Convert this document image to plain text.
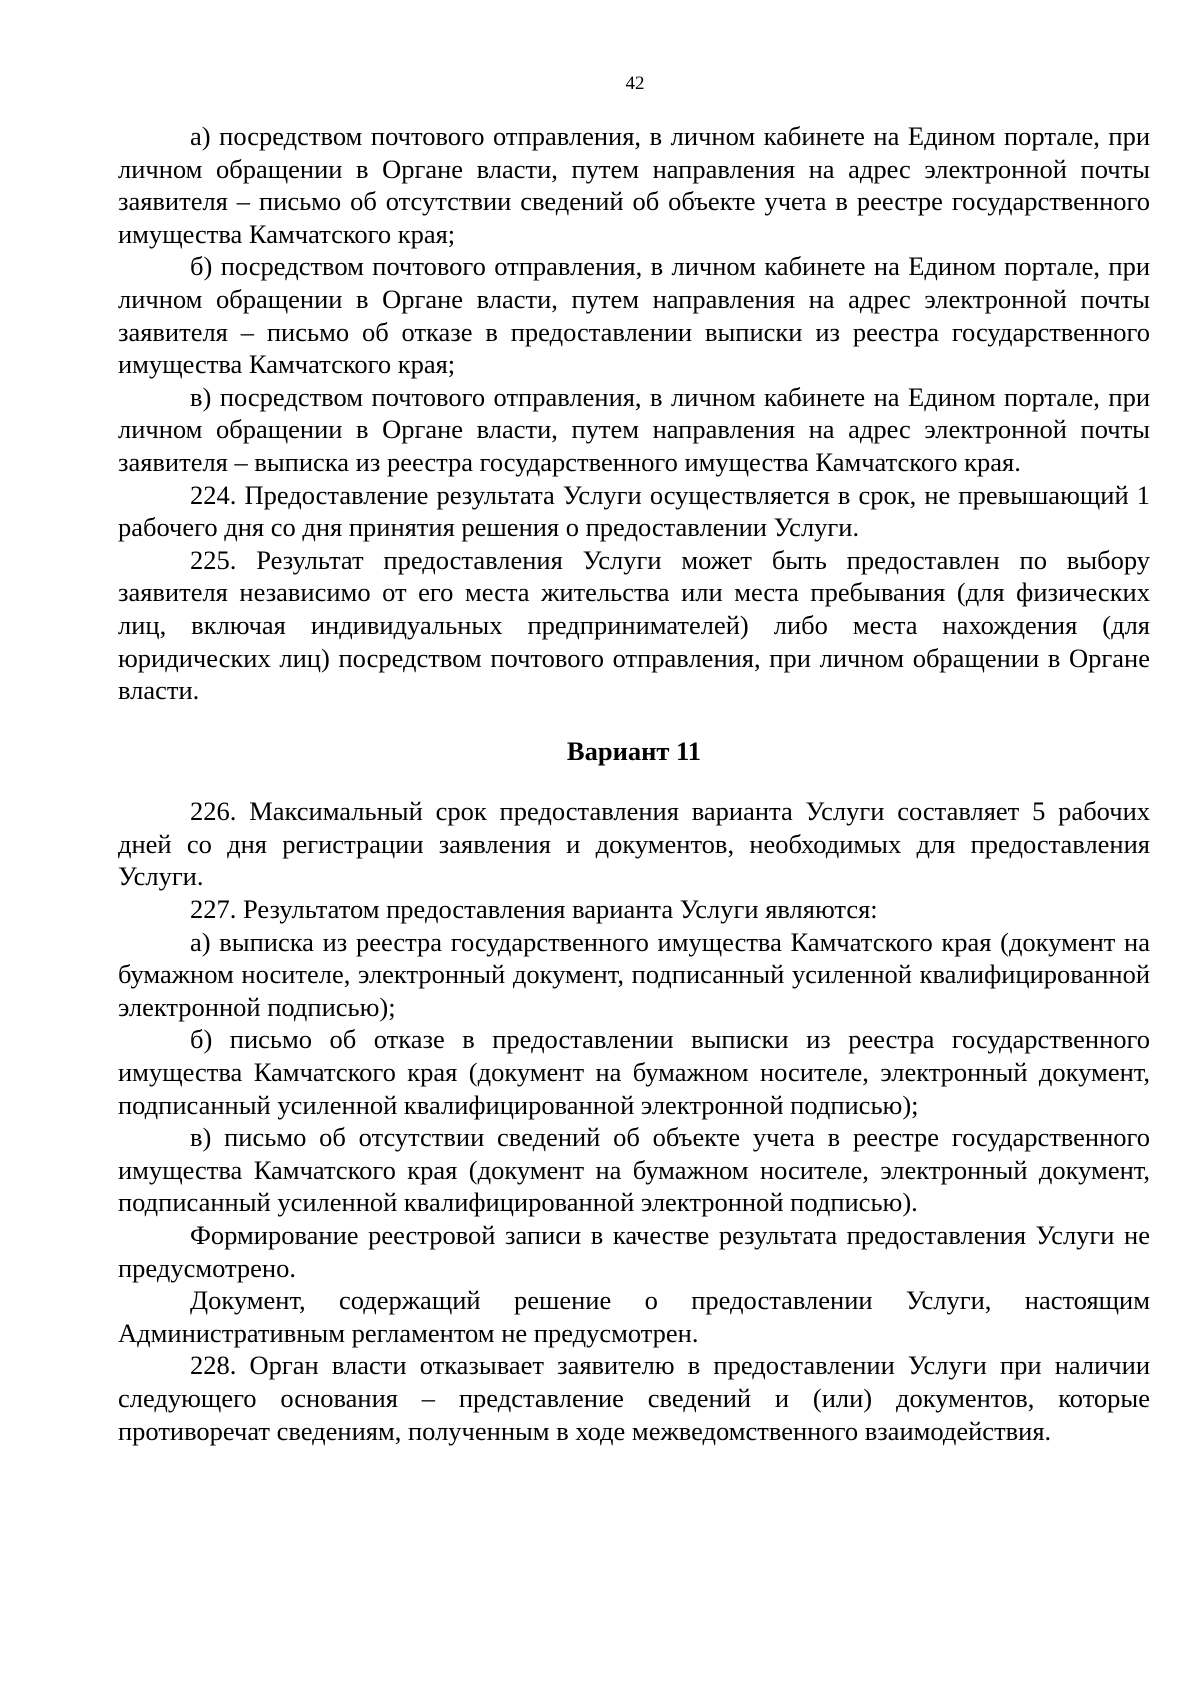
42

а) посредством почтового отправления, в личном кабинете на Едином портале, при личном обращении в Органе власти, путем направления на адрес электронной почты заявителя – письмо об отсутствии сведений об объекте учета в реестре государственного имущества Камчатского края;

б) посредством почтового отправления, в личном кабинете на Едином портале, при личном обращении в Органе власти, путем направления на адрес электронной почты заявителя – письмо об отказе в предоставлении выписки из реестра государственного имущества Камчатского края;

в) посредством почтового отправления, в личном кабинете на Едином портале, при личном обращении в Органе власти, путем направления на адрес электронной почты заявителя – выписка из реестра государственного имущества Камчатского края.

224. Предоставление результата Услуги осуществляется в срок, не превышающий 1 рабочего дня со дня принятия решения о предоставлении Услуги.

225. Результат предоставления Услуги может быть предоставлен по выбору заявителя независимо от его места жительства или места пребывания (для физических лиц, включая индивидуальных предпринимателей) либо места нахождения (для юридических лиц) посредством почтового отправления, при личном обращении в Органе власти.

Вариант 11

226. Максимальный срок предоставления варианта Услуги составляет 5 рабочих дней со дня регистрации заявления и документов, необходимых для предоставления Услуги.

227. Результатом предоставления варианта Услуги являются:

а) выписка из реестра государственного имущества Камчатского края (документ на бумажном носителе, электронный документ, подписанный усиленной квалифицированной электронной подписью);

б) письмо об отказе в предоставлении выписки из реестра государственного имущества Камчатского края (документ на бумажном носителе, электронный документ, подписанный усиленной квалифицированной электронной подписью);

в) письмо об отсутствии сведений об объекте учета в реестре государственного имущества Камчатского края (документ на бумажном носителе, электронный документ, подписанный усиленной квалифицированной электронной подписью).

Формирование реестровой записи в качестве результата предоставления Услуги не предусмотрено.

Документ, содержащий решение о предоставлении Услуги, настоящим Административным регламентом не предусмотрен.

228. Орган власти отказывает заявителю в предоставлении Услуги при наличии следующего основания – представление сведений и (или) документов, которые противоречат сведениям, полученным в ходе межведомственного взаимодействия.
